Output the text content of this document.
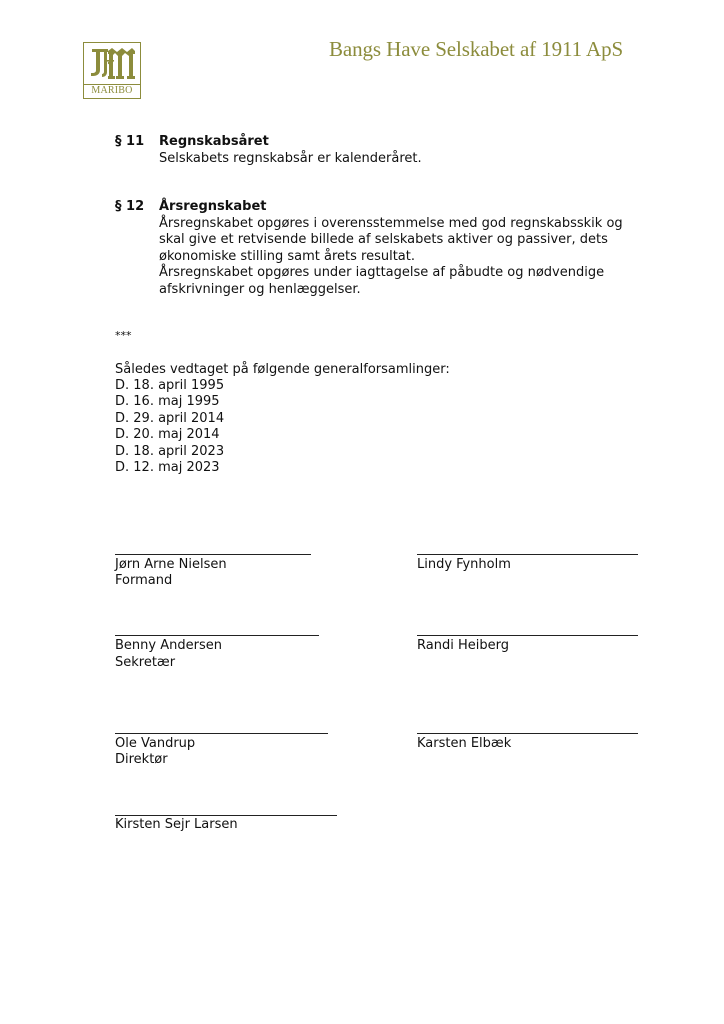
MARIBO
Bangs Have Selskabet af 1911 ApS
§ 11 Regnskabsåret
Selskabets regnskabsår er kalenderåret.
§ 12 Årsregnskabet
Årsregnskabet opgøres i overensstemmelse med god regnskabsskik og
skal give et retvisende billede af selskabets aktiver og passiver, dets
økonomiske stilling samt årets resultat.
Årsregnskabet opgøres under iagttagelse af påbudte og nødvendige
afskrivninger og henlæggelser.
***
Således vedtaget på følgende generalforsamlinger:
D. 18. april 1995
D. 16. maj 1995
D. 29. april 2014
D. 20. maj 2014
D. 18. april 2023
D. 12. maj 2023
Jørn Arne Nielsen
Formand
Lindy Fynholm
Benny Andersen
Sekretær
Randi Heiberg
Ole Vandrup
Direktør
Karsten Elbæk
Kirsten Sejr Larsen
